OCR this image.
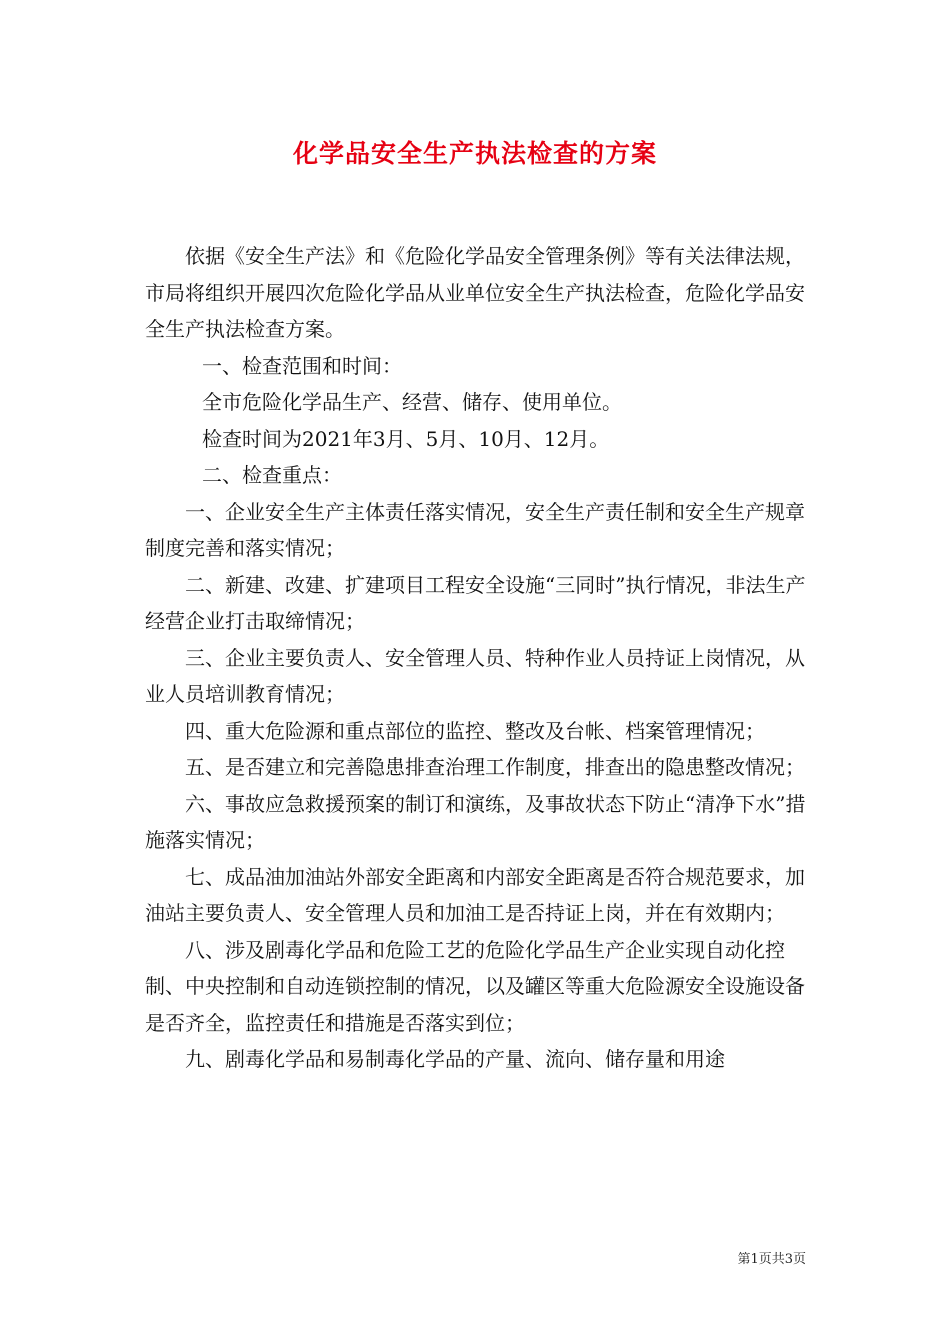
化学品安全生产执法检查的方案

依据《安全生产法》和《危险化学品安全管理条例》等有关法律法规，市局将组织开展四次危险化学品从业单位安全生产执法检查，危险化学品安全生产执法检查方案。

一、检查范围和时间：

全市危险化学品生产、经营、储存、使用单位。

检查时间为2021年3月、5月、10月、12月。

二、检查重点：

一、企业安全生产主体责任落实情况，安全生产责任制和安全生产规章制度完善和落实情况；

二、新建、改建、扩建项目工程安全设施“三同时”执行情况，非法生产经营企业打击取缔情况；

三、企业主要负责人、安全管理人员、特种作业人员持证上岗情况，从业人员培训教育情况；

四、重大危险源和重点部位的监控、整改及台帐、档案管理情况；

五、是否建立和完善隐患排查治理工作制度，排查出的隐患整改情况；

六、事故应急救援预案的制订和演练，及事故状态下防止“清净下水”措施落实情况；

七、成品油加油站外部安全距离和内部安全距离是否符合规范要求，加油站主要负责人、安全管理人员和加油工是否持证上岗，并在有效期内；

八、涉及剧毒化学品和危险工艺的危险化学品生产企业实现自动化控制、中央控制和自动连锁控制的情况，以及罐区等重大危险源安全设施设备是否齐全，监控责任和措施是否落实到位；

九、剧毒化学品和易制毒化学品的产量、流向、储存量和用途

第1页共3页
